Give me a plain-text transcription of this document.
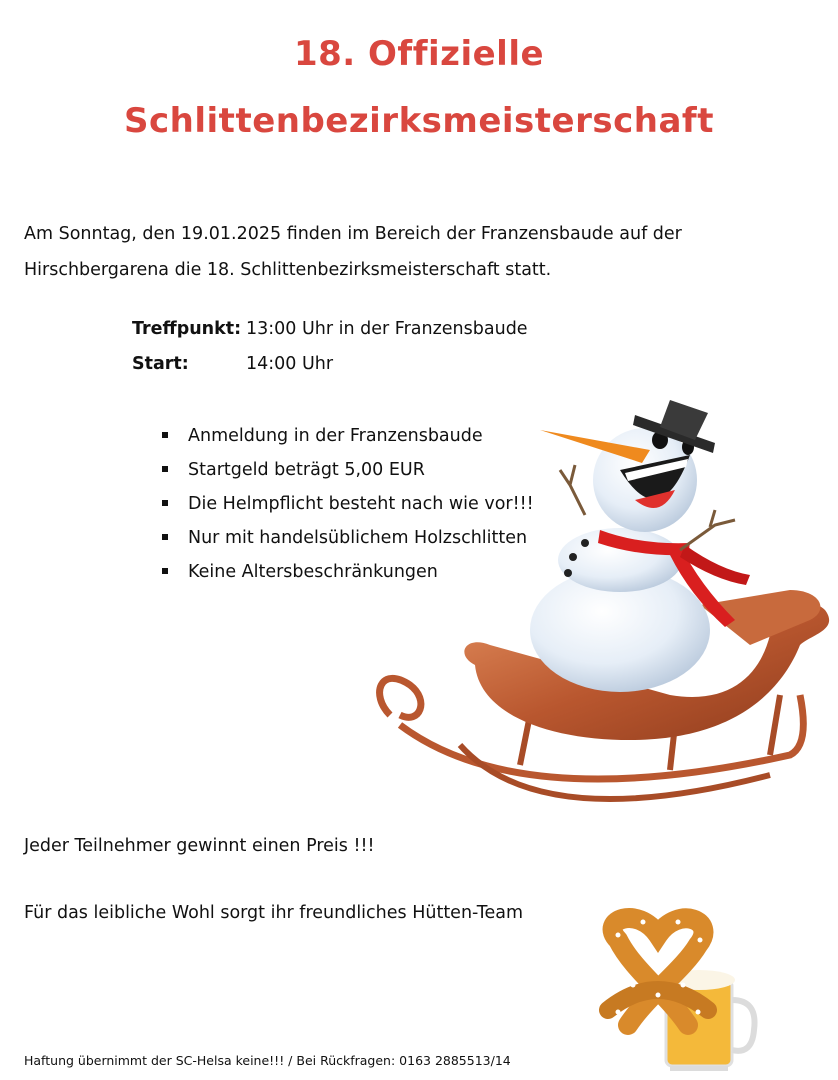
18. Offizielle
Schlittenbezirksmeisterschaft

Am Sonntag, den 19.01.2025 finden im Bereich der Franzensbaude auf der Hirschbergarena die 18. Schlittenbezirksmeisterschaft statt.

Treffpunkt: 13:00 Uhr in der Franzensbaude
Start:	14:00 Uhr
Anmeldung in der Franzensbaude
Startgeld beträgt 5,00 EUR
Die Helmpflicht besteht nach wie vor!!!
Nur mit handelsüblichem Holzschlitten
Keine Altersbeschränkungen

Jeder Teilnehmer gewinnt einen Preis !!!

Für das leibliche Wohl sorgt ihr freundliches Hütten-Team

Haftung übernimmt der SC-Helsa keine!!! / Bei Rückfragen: 0163 2885513/14
